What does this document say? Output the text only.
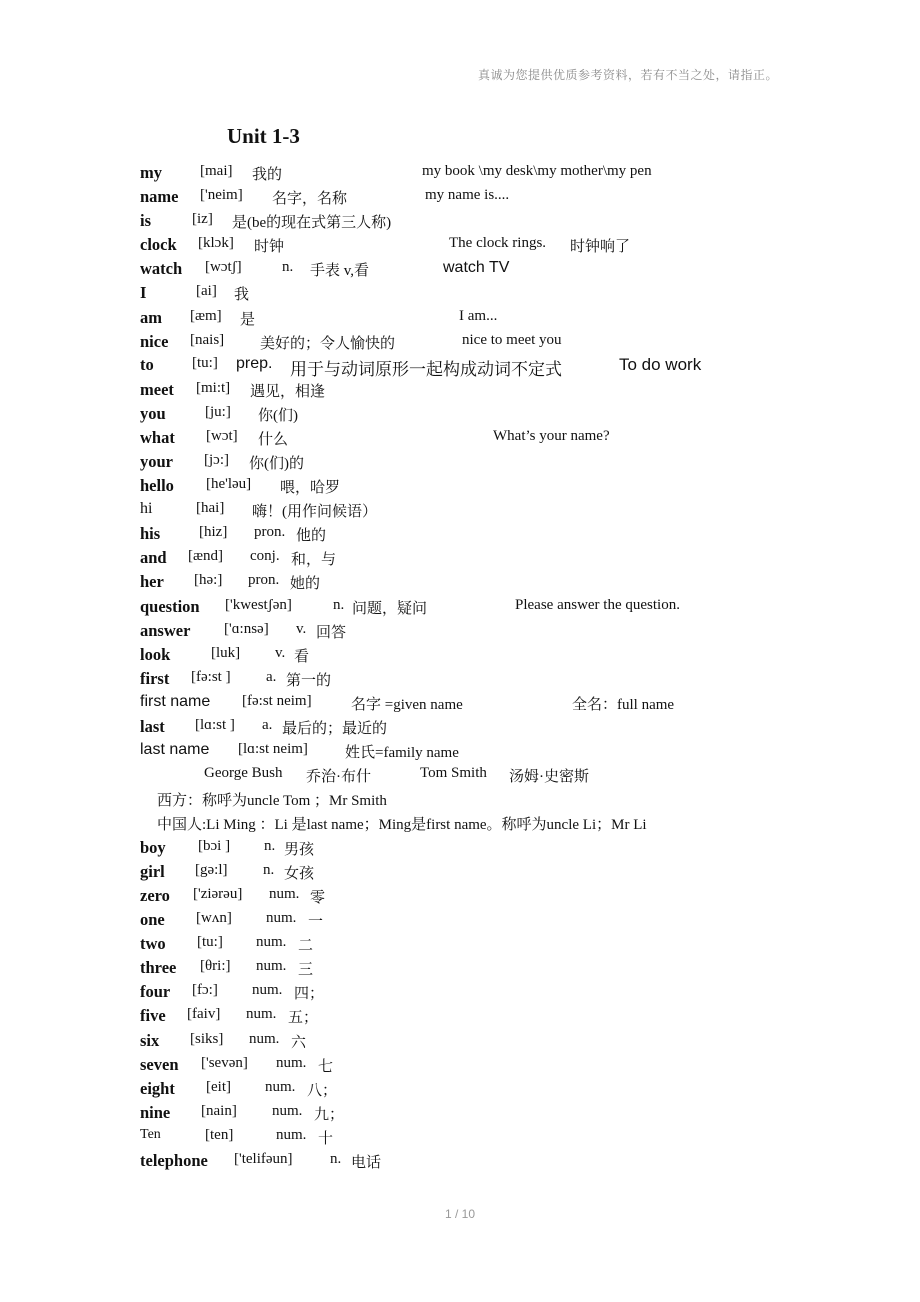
真诚为您提供优质参考资料，若有不当之处，请指正。
Unit 1-3
my	[mai] 我的	my book \my desk\my mother\my pen
name ['neim] 名字，名称	my name is....
is	[iz] 是(be的现在式第三人称)
clock [klɔk] 时钟	The clock rings. 时钟响了
watch [wɔtʃ]	n. 手表 v,看	watch TV
I	[ai] 我
am [æm] 是	I am...
nice [nais] 美好的；令人愉快的	nice to meet you
to	[tu:] prep. 用于与动词原形一起构成动词不定式	To do work
meet [mi:t] 遇见，相逢
you	[ju:] 你(们)
what [wɔt] 什么	What’s your name?
your [jɔ:] 你(们)的
hello [he'ləu] 喂，哈罗
hi	[hai] 嗨！(用作问候语）
his	[hiz] pron. 他的
and [ænd] conj. 和，与
her [hə:] pron. 她的
question ['kwestʃən]	n. 问题，疑问	Please answer the question.
answer ['ɑ:nsə] v. 回答
look	[luk] v. 看
first [fə:st ] a. 第一的
first name [fə:st neim]	名字 =given name	全名：full name
last [lɑ:st ] a. 最后的；最近的
last name [lɑ:st neim] 姓氏=family name
George Bush 乔治·布什	Tom Smith 汤姆·史密斯
西方：称呼为uncle Tom ；Mr Smith
中国人:Li Ming ：Li 是last name；Ming是first name。称呼为uncle Li；Mr Li
boy [bɔi ] n. 男孩
girl [gə:l] n. 女孩
zero ['ziərəu] num. 零
one [wʌn] num. 一
two [tu:] num. 二
three [θri:] num. 三
four [fɔ:] num. 四；
five [faiv] num. 五；
six [siks] num. 六
seven ['sevən] num. 七
eight [eit] num. 八；
nine [nain] num. 九；
Ten	[ten]	num. 十
telephone ['telifəun] n. 电话
1 / 10
